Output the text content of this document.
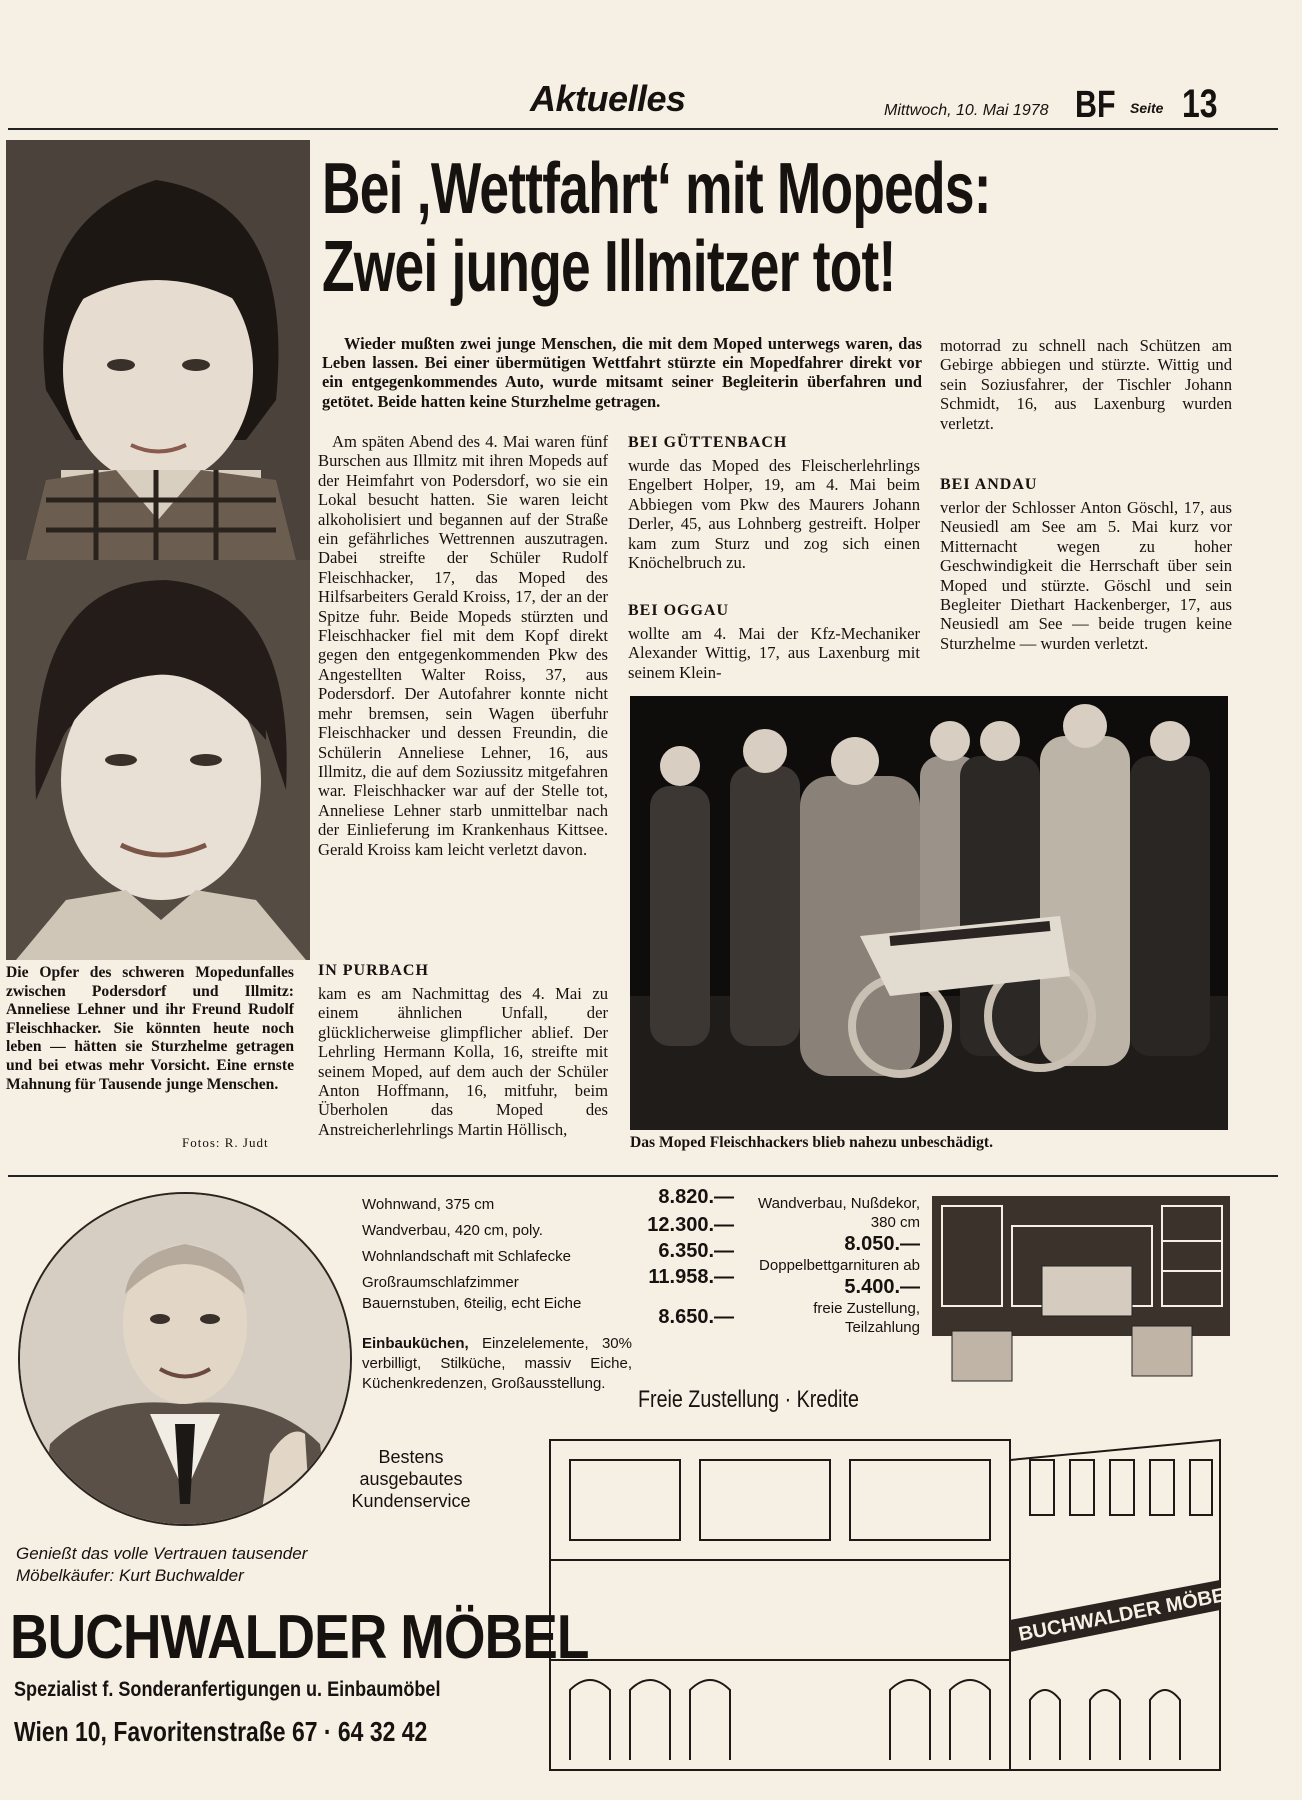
Aktuelles	Mittwoch, 10. Mai 1978 BF Seite 13

Die Opfer des schweren Mopedunfalles zwischen Podersdorf und Illmitz: Anneliese Lehner und ihr Freund Rudolf Fleischhacker. Sie könnten heute noch leben — hätten sie Sturzhelme getragen und bei etwas mehr Vorsicht. Eine ernste Mahnung für Tausende junge Menschen.

Fotos: R. Judt
Bei ‚Wettfahrt‘ mit Mopeds:
Zwei junge Illmitzer tot!

Wieder mußten zwei junge Menschen, die mit dem Moped unterwegs waren, das Leben lassen. Bei einer übermütigen Wettfahrt stürzte ein Mopedfahrer direkt vor ein entgegenkommendes Auto, wurde mitsamt seiner Begleiterin überfahren und getötet. Beide hatten keine Sturzhelme getragen.

Am späten Abend des 4. Mai waren fünf Burschen aus Illmitz mit ihren Mopeds auf der Heimfahrt von Podersdorf, wo sie ein Lokal besucht hatten. Sie waren leicht alkoholisiert und begannen auf der Straße ein gefährliches Wettrennen auszutragen. Dabei streifte der Schüler Rudolf Fleischhacker, 17, das Moped des Hilfsarbeiters Gerald Kroiss, 17, der an der Spitze fuhr. Beide Mopeds stürzten und Fleischhacker fiel mit dem Kopf direkt gegen den entgegenkommenden Pkw des Angestellten Walter Roiss, 37, aus Podersdorf. Der Autofahrer konnte nicht mehr bremsen, sein Wagen überfuhr Fleischhacker und dessen Freundin, die Schülerin Anneliese Lehner, 16, aus Illmitz, die auf dem Soziussitz mitgefahren war. Fleischhacker war auf der Stelle tot, Anneliese Lehner starb unmittelbar nach der Einlieferung im Krankenhaus Kittsee. Gerald Kroiss kam leicht verletzt davon.

IN PURBACH

kam es am Nachmittag des 4. Mai zu einem ähnlichen Unfall, der glücklicherweise glimpflicher ablief. Der Lehrling Hermann Kolla, 16, streifte mit seinem Moped, auf dem auch der Schüler Anton Hoffmann, 16, mitfuhr, beim Überholen das Moped des Anstreicherlehrlings Martin Höllisch,

BEI GÜTTENBACH

wurde das Moped des Fleischerlehrlings Engelbert Holper, 19, am 4. Mai beim Abbiegen vom Pkw des Maurers Johann Derler, 45, aus Lohnberg gestreift. Holper kam zum Sturz und zog sich einen Knöchelbruch zu.

BEI OGGAU

wollte am 4. Mai der Kfz-Mechaniker Alexander Wittig, 17, aus Laxenburg mit seinem Klein-

motorrad zu schnell nach Schützen am Gebirge abbiegen und stürzte. Wittig und sein Soziusfahrer, der Tischler Johann Schmidt, 16, aus Laxenburg wurden verletzt.

BEI ANDAU

verlor der Schlosser Anton Göschl, 17, aus Neusiedl am See am 5. Mai kurz vor Mitternacht wegen zu hoher Geschwindigkeit die Herrschaft über sein Moped und stürzte. Göschl und sein Begleiter Diethart Hackenberger, 17, aus Neusiedl am See — beide trugen keine Sturzhelme — wurden verletzt.

Das Moped Fleischhackers blieb nahezu unbeschädigt.
Wohnwand, 375 cm
Wandverbau, 420 cm, poly.
Wohnlandschaft mit Schlafecke
Großraumschlafzimmer
Bauernstuben, 6teilig, echt Eiche
Einbauküchen, Einzelelemente, 30% verbilligt, Stilküche, massiv Eiche, Küchenkredenzen, Großausstellung.
8.820.—
12.300.—
6.350.—
11.958.—
8.650.—
Wandverbau, Nußdekor, 380 cm
8.050.—
Doppelbettgarnituren ab
5.400.—
freie Zustellung, Teilzahlung
Freie Zustellung · Kredite
BUCHWALDER MÖBEL
Bestens ausgebautes Kundenservice
Genießt das volle Vertrauen tausender
Möbelkäufer: Kurt Buchwalder
BUCHWALDER MÖBEL
Spezialist f. Sonderanfertigungen u. Einbaumöbel
Wien 10, Favoritenstraße 67 · 64 32 42
